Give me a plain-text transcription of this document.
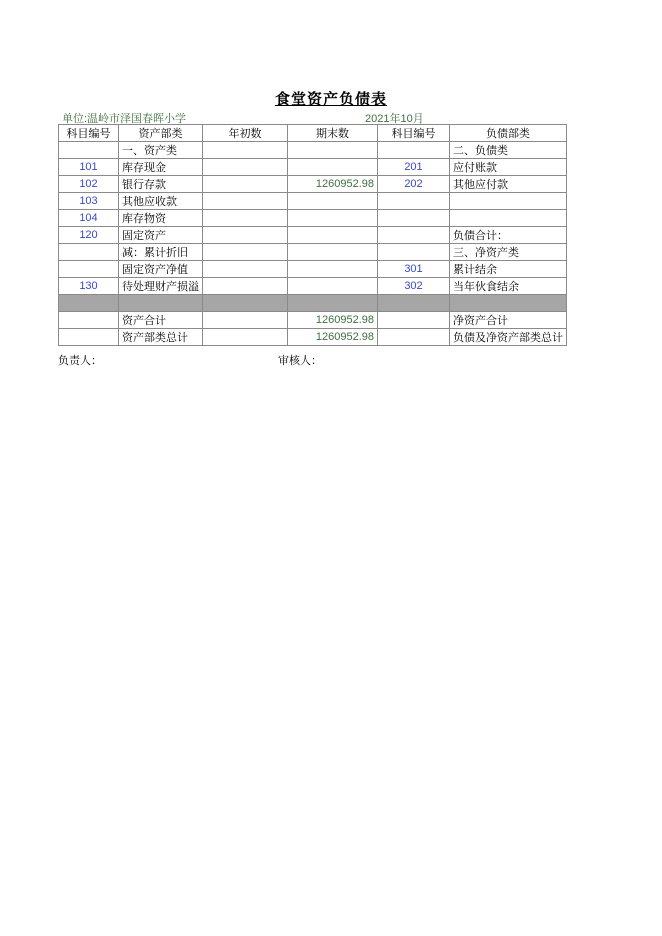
食堂资产负债表
单位:温岭市泽国春晖小学	2021年10月
科目编号	资产部类	年初数	期末数	科目编号	负债部类
	一、资产类				二、负债类
101	库存现金			201	应付账款
102	银行存款		1260952.98	202	其他应付款
103	其他应收款				
104	库存物资				
120	固定资产				负债合计：
	减：累计折旧				三、净资产类
	固定资产净值			301	累计结余
130	待处理财产损溢			302	当年伙食结余

	资产合计		1260952.98		净资产合计
	资产部类总计		1260952.98		负债及净资产部类总计
负责人：	审核人：
